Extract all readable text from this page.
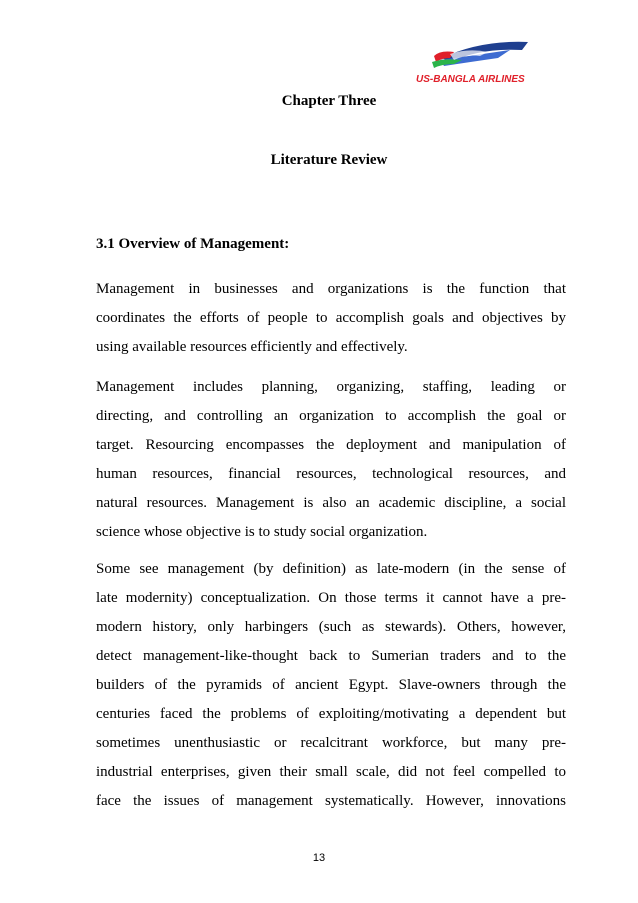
US-BANGLA AIRLINES
Chapter Three
Literature Review
3.1 Overview of Management:
Management in businesses and organizations is the function that
coordinates the efforts of people to accomplish goals and objectives by
using available resources efficiently and effectively.
Management includes planning, organizing, staffing, leading or
directing, and controlling an organization to accomplish the goal or
target. Resourcing encompasses the deployment and manipulation of
human resources, financial resources, technological resources, and
natural resources. Management is also an academic discipline, a social
science whose objective is to study social organization.
Some see management (by definition) as late-modern (in the sense of
late modernity) conceptualization. On those terms it cannot have a pre-
modern history, only harbingers (such as stewards). Others, however,
detect management-like-thought back to Sumerian traders and to the
builders of the pyramids of ancient Egypt. Slave-owners through the
centuries faced the problems of exploiting/motivating a dependent but
sometimes unenthusiastic or recalcitrant workforce, but many pre-
industrial enterprises, given their small scale, did not feel compelled to
face the issues of management systematically. However, innovations
13
